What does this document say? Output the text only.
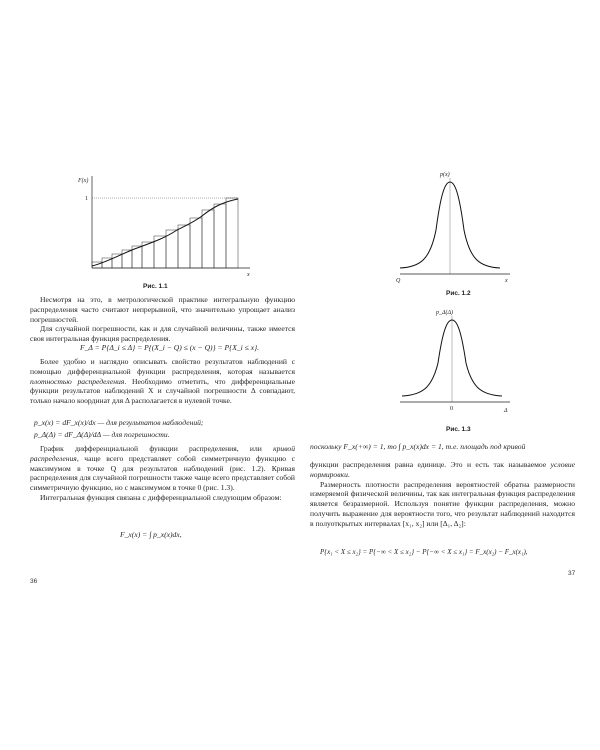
F(x)
1
x
Рис. 1.1

Несмотря на это, в метрологической практике интегральную функцию распределения часто считают непрерывной, что значительно упрощает анализ погрешностей.

Для случайной погрешности, как и для случайной величины, также имеется своя интегральная функция распределения.

F_Δ = P{Δ_i ≤ Δ} = P{(X_i − Q) ≤ (x − Q)} = P{X_i ≤ x}.

Более удобно и наглядно описывать свойство результатов наблюдений с помощью дифференциальной функции распределения, которая называется плотностью распределения. Необходимо отметить, что дифференциальные функции результатов наблюдений X и случайной погрешности Δ совпадают, только начало координат для Δ располагается в нулевой точке.

p_x(x) = dF_x(x)/dx — для результатов наблюдений;
p_Δ(Δ) = dF_Δ(Δ)/dΔ — для погрешности.

График дифференциальной функции распределения, или кривой распределения, чаще всего представляет собой симметричную функцию с максимумом в точке Q для результатов наблюдений (рис. 1.2). Кривая распределения для случайной погрешности также чаще всего представляет собой симметричную функцию, но с максимумом в точке 0 (рис. 1.3).

Интегральная функция связана с дифференциальной следующим образом:

F_x(x) = ∫ p_x(x)dx,
36
p(x)
Q	x
Рис. 1.2
p_Δ(Δ)
0	Δ
Рис. 1.3
поскольку F_x(+∞) = 1, то ∫ p_x(x)dx = 1, т.е. площадь под кривой
функции распределения равна единице. Это и есть так называемое условие нормировки.

Размерность плотности распределения вероятностей обратна размерности измеряемой физической величины, так как интегральная функция распределения является безразмерной. Используя понятие функции распределения, можно получить выражение для вероятности того, что результат наблюдений находится в полуоткрытых интервалах [x₁, x₂] или [Δ₁, Δ₂]:

P{x₁ < X ≤ x₂} = P{−∞ < X ≤ x₂} − P{−∞ < X ≤ x₁} = F_x(x₂) − F_x(x₁),
37
